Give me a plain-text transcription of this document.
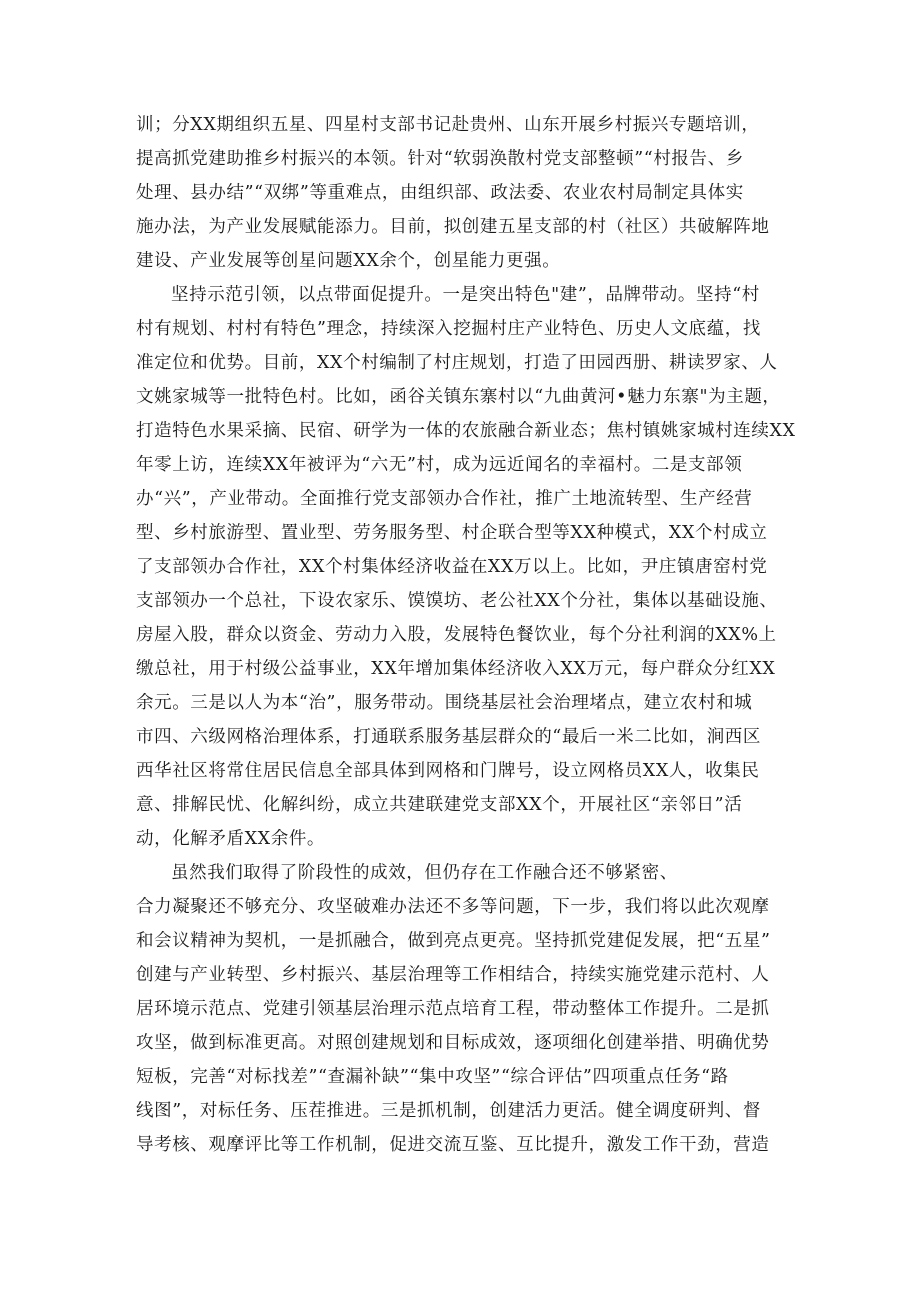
训；分XX期组织五星、四星村支部书记赴贵州、山东开展乡村振兴专题培训，
提高抓党建助推乡村振兴的本领。针对“软弱涣散村党支部整顿”“村报告、乡
处理、县办结”“双绑”等重难点，由组织部、政法委、农业农村局制定具体实
施办法，为产业发展赋能添力。目前，拟创建五星支部的村（社区）共破解阵地
建设、产业发展等创星问题XX余个，创星能力更强。

坚持示范引领，以点带面促提升。一是突出特色"建”，品牌带动。坚持“村
村有规划、村村有特色”理念，持续深入挖掘村庄产业特色、历史人文底蕴，找
准定位和优势。目前，XX个村编制了村庄规划，打造了田园西册、耕读罗家、人
文姚家城等一批特色村。比如，函谷关镇东寨村以“九曲黄河•魅力东寨"为主题，
打造特色水果采摘、民宿、研学为一体的农旅融合新业态；焦村镇姚家城村连续XX
年零上访，连续XX年被评为“六无”村，成为远近闻名的幸福村。二是支部领
办“兴”，产业带动。全面推行党支部领办合作社，推广土地流转型、生产经营
型、乡村旅游型、置业型、劳务服务型、村企联合型等XX种模式，XX个村成立
了支部领办合作社，XX个村集体经济收益在XX万以上。比如，尹庄镇唐窑村党
支部领办一个总社，下设农家乐、馍馍坊、老公社XX个分社，集体以基础设施、
房屋入股，群众以资金、劳动力入股，发展特色餐饮业，每个分社利润的XX%上
缴总社，用于村级公益事业，XX年增加集体经济收入XX万元，每户群众分红XX
余元。三是以人为本“治”，服务带动。围绕基层社会治理堵点，建立农村和城
市四、六级网格治理体系，打通联系服务基层群众的“最后一米二比如，涧西区
西华社区将常住居民信息全部具体到网格和门牌号，设立网格员XX人，收集民
意、排解民忧、化解纠纷，成立共建联建党支部XX个，开展社区“亲邻日”活
动，化解矛盾XX余件。

虽然我们取得了阶段性的成效，但仍存在工作融合还不够紧密、
合力凝聚还不够充分、攻坚破难办法还不多等问题，下一步，我们将以此次观摩
和会议精神为契机，一是抓融合，做到亮点更亮。坚持抓党建促发展，把“五星”
创建与产业转型、乡村振兴、基层治理等工作相结合，持续实施党建示范村、人
居环境示范点、党建引领基层治理示范点培育工程，带动整体工作提升。二是抓
攻坚，做到标准更高。对照创建规划和目标成效，逐项细化创建举措、明确优势
短板，完善“对标找差”“查漏补缺”“集中攻坚”“综合评估”四项重点任务“路
线图”，对标任务、压茬推进。三是抓机制，创建活力更活。健全调度研判、督
导考核、观摩评比等工作机制，促进交流互鉴、互比提升，激发工作干劲，营造
